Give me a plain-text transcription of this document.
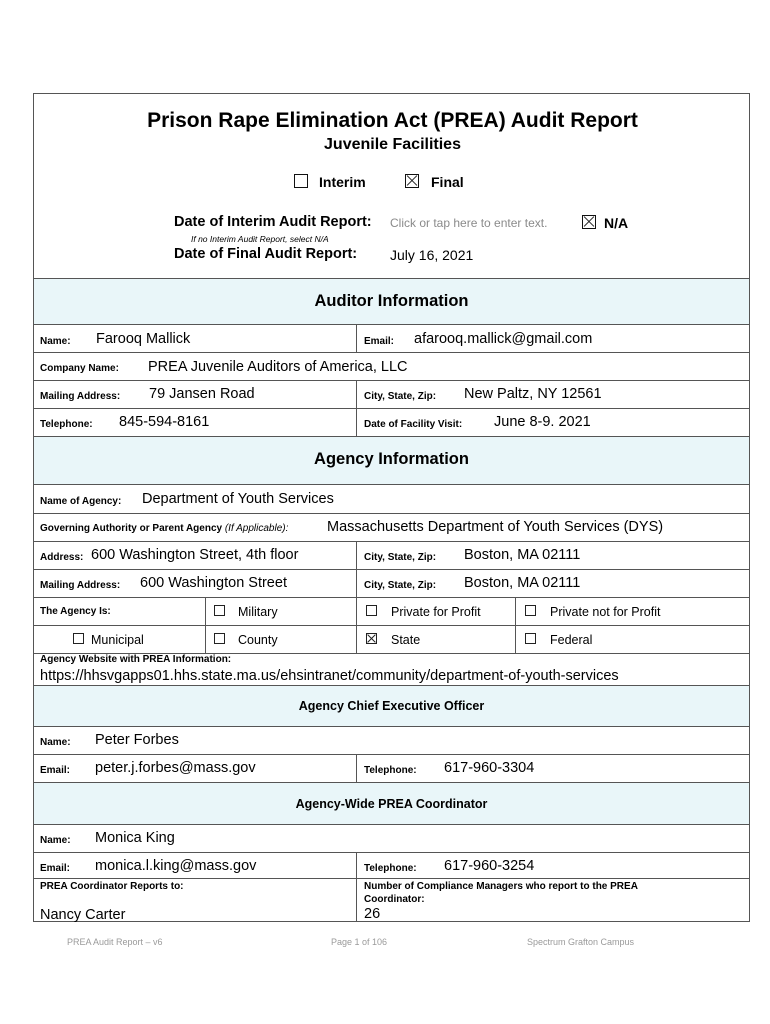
Prison Rape Elimination Act (PREA) Audit Report
Juvenile Facilities
Interim	Final
Date of Interim Audit Report: Click or tap here to enter text.	N/A
If no Interim Audit Report, select N/A
Date of Final Audit Report: July 16, 2021
Auditor Information
Name: Farooq Mallick	Email: afarooq.mallick@gmail.com
Company Name: PREA Juvenile Auditors of America, LLC
Mailing Address: 79 Jansen Road	City, State, Zip: New Paltz, NY 12561
Telephone: 845-594-8161	Date of Facility Visit: June 8-9. 2021
Agency Information
Name of Agency: Department of Youth Services
Governing Authority or Parent Agency (If Applicable):	Massachusetts Department of Youth Services (DYS)
Address: 600 Washington Street, 4th floor	City, State, Zip: Boston, MA 02111
Mailing Address: 600 Washington Street	City, State, Zip: Boston, MA 02111
The Agency Is:	Military	Private for Profit	Private not for Profit
Municipal	County	State	Federal
Agency Website with PREA Information:
https://hhsvgapps01.hhs.state.ma.us/ehsintranet/community/department-of-youth-services
Agency Chief Executive Officer
Name: Peter Forbes
Email: peter.j.forbes@mass.gov	Telephone: 617-960-3304
Agency-Wide PREA Coordinator
Name: Monica King
Email: monica.l.king@mass.gov	Telephone: 617-960-3254
PREA Coordinator Reports to:
Nancy Carter
Number of Compliance Managers who report to the PREA
Coordinator:
26
PREA Audit Report – v6	Page 1 of 106	Spectrum Grafton Campus
